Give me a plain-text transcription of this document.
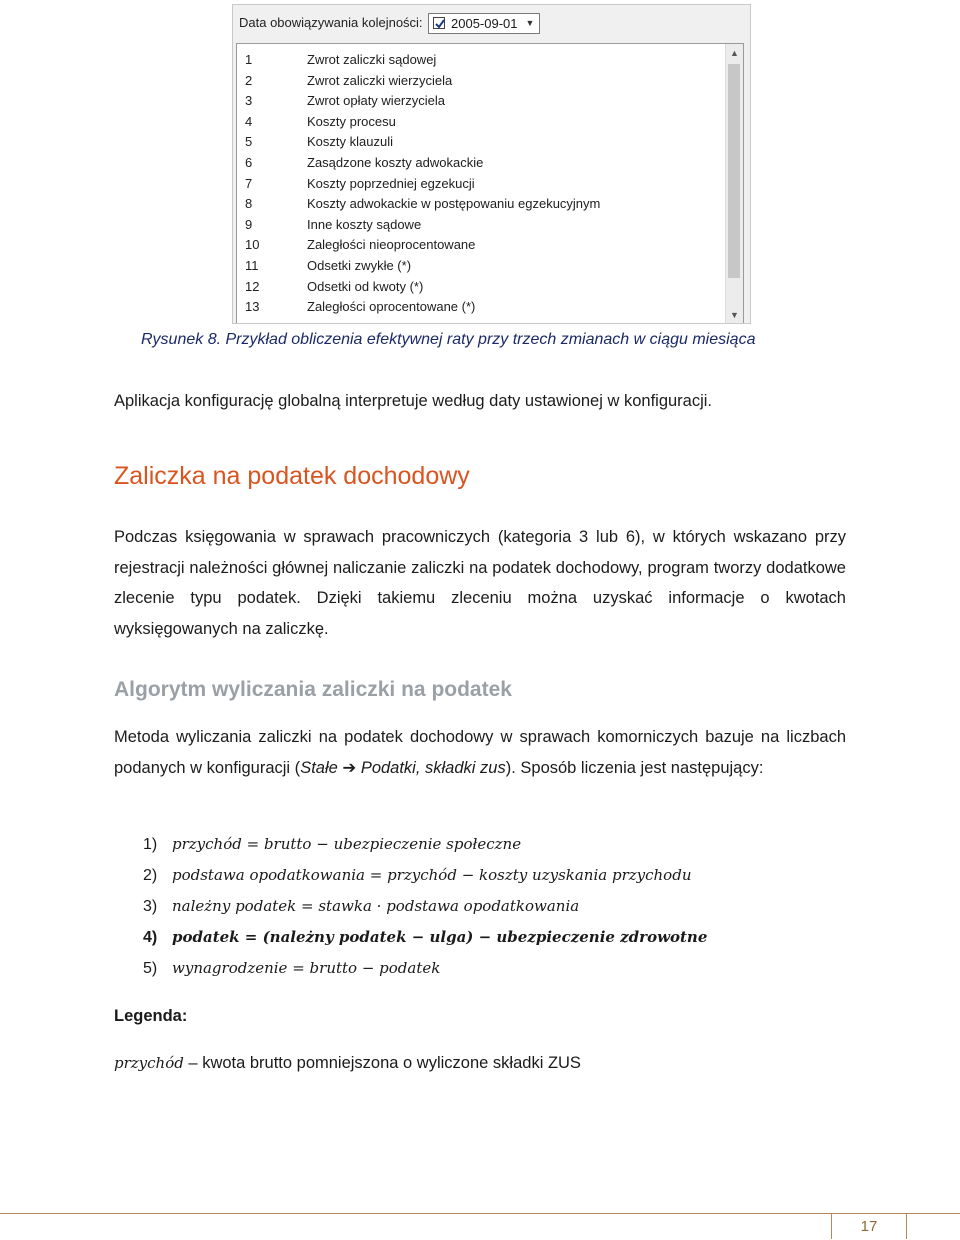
Data obowiązywania kolejności: 2005-09-01 ▼
▲
▼
1	Zwrot zaliczki sądowej
2	Zwrot zaliczki wierzyciela
3	Zwrot opłaty wierzyciela
4	Koszty procesu
5	Koszty klauzuli
6	Zasądzone koszty adwokackie
7	Koszty poprzedniej egzekucji
8	Koszty adwokackie w postępowaniu egzekucyjnym
9	Inne koszty sądowe
10	Zaległości nieoprocentowane
11	Odsetki zwykłe (*)
12	Odsetki od kwoty (*)
13	Zaległości oprocentowane (*)
Rysunek 8. Przykład obliczenia efektywnej raty przy trzech zmianach w ciągu miesiąca
Aplikacja konfigurację globalną interpretuje według daty ustawionej w konfiguracji.
Zaliczka na podatek dochodowy
Podczas księgowania w sprawach pracowniczych (kategoria 3 lub 6), w których wskazano przy rejestracji należności głównej naliczanie zaliczki na podatek dochodowy, program tworzy dodatkowe zlecenie typu podatek. Dzięki takiemu zleceniu można uzyskać informacje o kwotach wyksięgowanych na zaliczkę.
Algorytm wyliczania zaliczki na podatek
Metoda wyliczania zaliczki na podatek dochodowy w sprawach komorniczych bazuje na liczbach podanych w konfiguracji (Stałe ➔ Podatki, składki zus). Sposób liczenia jest następujący:
1) przychód = brutto − ubezpieczenie społeczne
2) podstawa opodatkowania = przychód − koszty uzyskania przychodu
3) należny podatek = stawka · podstawa opodatkowania
4) podatek = (należny podatek − ulga) − ubezpieczenie zdrowotne
5) wynagrodzenie = brutto − podatek
Legenda:
przychód – kwota brutto pomniejszona o wyliczone składki ZUS
17
